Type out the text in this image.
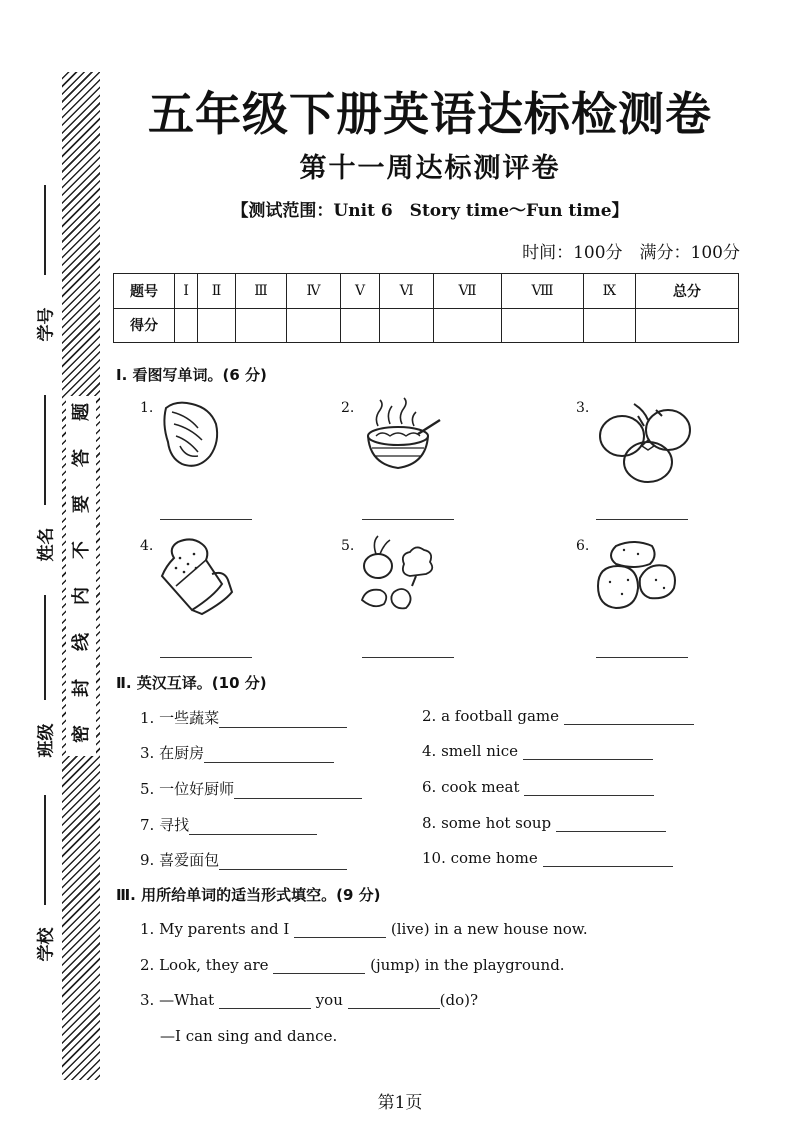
题
答
要
不
内
线
封
密
学号
姓名
班级
学校
五年级下册英语达标检测卷
第十一周达标测评卷
【测试范围：Unit 6　Story time～Fun time】
时间：100分　满分：100分
题号	Ⅰ	Ⅱ	Ⅲ	Ⅳ	Ⅴ	Ⅵ	Ⅶ	Ⅷ	Ⅸ	总分
得分										
Ⅰ. 看图写单词。(6 分)
1.	2.	3.
4.	5.	6.
Ⅱ. 英汉互译。(10 分)
1. 一些蔬菜	2. a football game
3. 在厨房	4. smell nice
5. 一位好厨师	6. cook meat
7. 寻找	8. some hot soup
9. 喜爱面包	10. come home
Ⅲ. 用所给单词的适当形式填空。(9 分)
1. My parents and I	(live) in a new house now.
2. Look, they are	(jump) in the playground.
3. —What	you	(do)?
—I can sing and dance.
第1页
